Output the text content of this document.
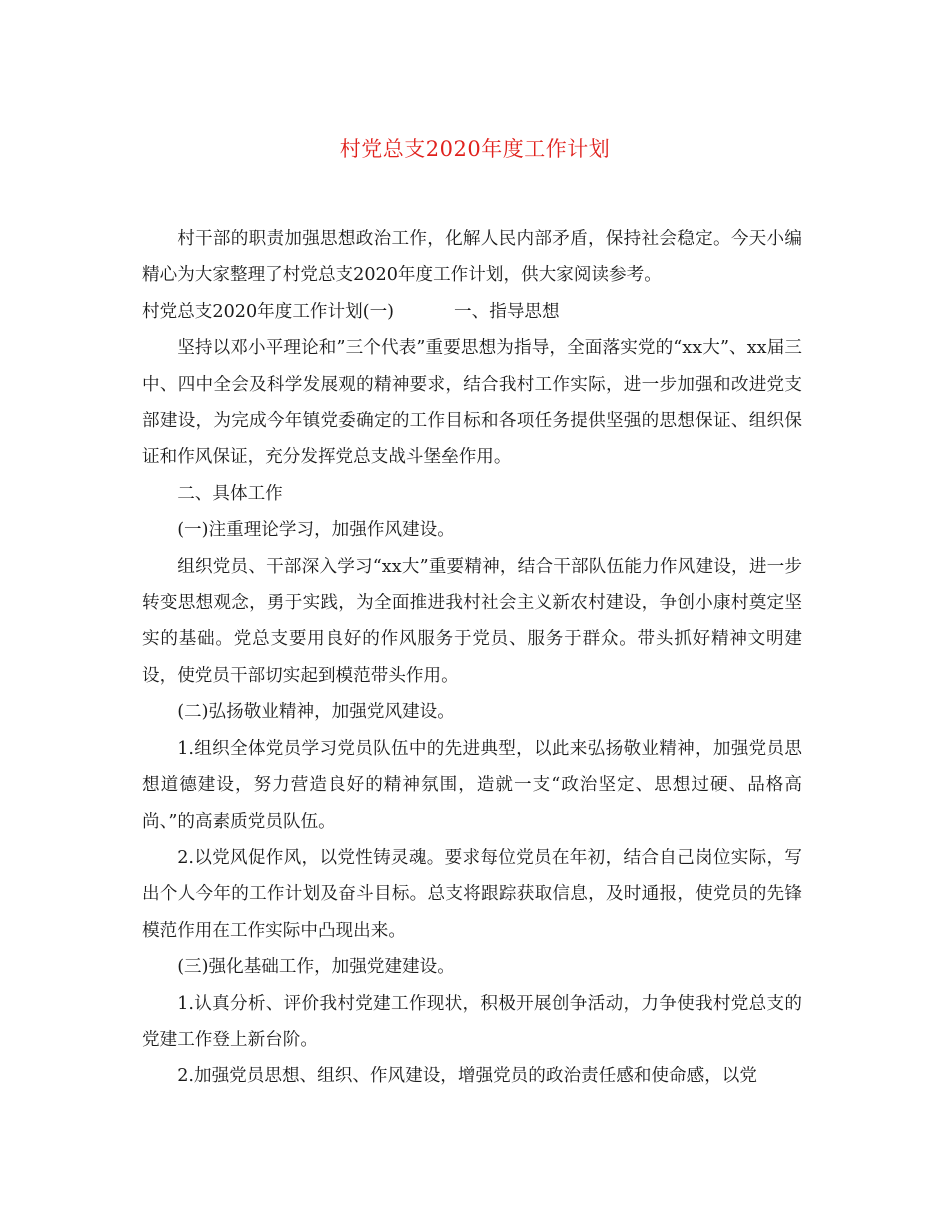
村党总支2020年度工作计划

村干部的职责加强思想政治工作，化解人民内部矛盾，保持社会稳定。今天小编精心为大家整理了村党总支2020年度工作计划，供大家阅读参考。

村党总支2020年度工作计划(一)	一、指导思想

坚持以邓小平理论和”三个代表”重要思想为指导，全面落实党的“xx大”、xx届三中、四中全会及科学发展观的精神要求，结合我村工作实际，进一步加强和改进党支部建设，为完成今年镇党委确定的工作目标和各项任务提供坚强的思想保证、组织保证和作风保证，充分发挥党总支战斗堡垒作用。

二、具体工作

(一)注重理论学习，加强作风建设。

组织党员、干部深入学习“xx大”重要精神，结合干部队伍能力作风建设，进一步转变思想观念，勇于实践，为全面推进我村社会主义新农村建设，争创小康村奠定坚实的基础。党总支要用良好的作风服务于党员、服务于群众。带头抓好精神文明建设，使党员干部切实起到模范带头作用。

(二)弘扬敬业精神，加强党风建设。

1.组织全体党员学习党员队伍中的先进典型，以此来弘扬敬业精神，加强党员思想道德建设，努力营造良好的精神氛围，造就一支“政治坚定、思想过硬、品格高尚、”的高素质党员队伍。

2.以党风促作风，以党性铸灵魂。要求每位党员在年初，结合自己岗位实际，写出个人今年的工作计划及奋斗目标。总支将跟踪获取信息，及时通报，使党员的先锋模范作用在工作实际中凸现出来。

(三)强化基础工作，加强党建建设。

1.认真分析、评价我村党建工作现状，积极开展创争活动，力争使我村党总支的党建工作登上新台阶。

2.加强党员思想、组织、作风建设，增强党员的政治责任感和使命感，以党
